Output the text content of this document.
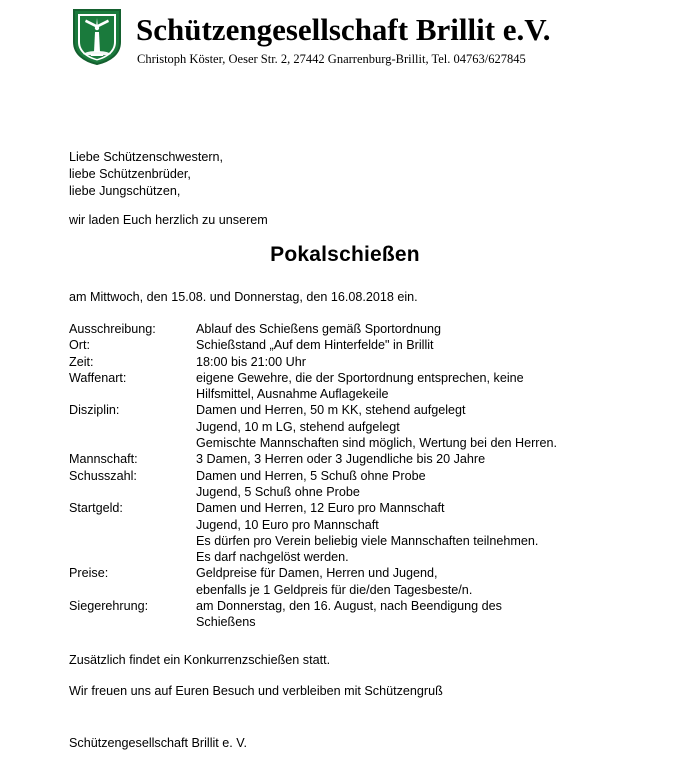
Schützengesellschaft Brillit e.V.
Christoph Köster, Oeser Str. 2, 27442 Gnarrenburg-Brillit, Tel. 04763/627845
Liebe Schützenschwestern,
liebe Schützenbrüder,
liebe Jungschützen,
wir laden Euch herzlich zu unserem
Pokalschießen
am Mittwoch, den 15.08. und Donnerstag, den 16.08.2018 ein.
Ausschreibung:	Ablauf des Schießens gemäß Sportordnung
Ort:	Schießstand „Auf dem Hinterfelde" in Brillit
Zeit:	18:00 bis 21:00 Uhr
Waffenart:	eigene Gewehre, die der Sportordnung entsprechen, keine
Hilfsmittel, Ausnahme Auflagekeile
Disziplin:	Damen und Herren, 50 m KK, stehend aufgelegt
Jugend, 10 m LG, stehend aufgelegt
Gemischte Mannschaften sind möglich, Wertung bei den Herren.
Mannschaft:	3 Damen, 3 Herren oder 3 Jugendliche bis 20 Jahre
Schusszahl:	Damen und Herren, 5 Schuß ohne Probe
Jugend, 5 Schuß ohne Probe
Startgeld:	Damen und Herren, 12 Euro pro Mannschaft
Jugend, 10 Euro pro Mannschaft
Es dürfen pro Verein beliebig viele Mannschaften teilnehmen.
Es darf nachgelöst werden.
Preise:	Geldpreise für Damen, Herren und Jugend,
ebenfalls je 1 Geldpreis für die/den Tagesbeste/n.
Siegerehrung:	am Donnerstag, den 16. August, nach Beendigung des
Schießens
Zusätzlich findet ein Konkurrenzschießen statt.
Wir freuen uns auf Euren Besuch und verbleiben mit Schützengruß
Schützengesellschaft Brillit e. V.
